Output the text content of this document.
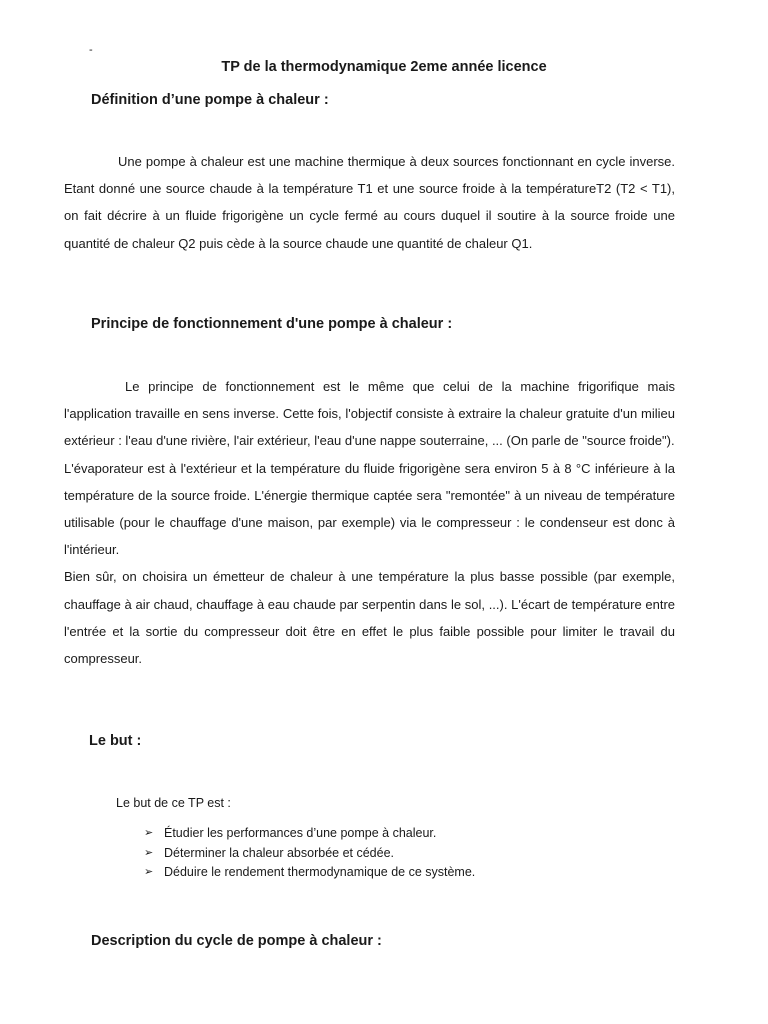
-
TP de la thermodynamique 2eme année licence
Définition d’une pompe à chaleur :
Une pompe à chaleur est une machine thermique à deux sources fonctionnant en cycle inverse. Etant donné une source chaude à la température T1 et une source froide à la températureT2 (T2 < T1), on fait décrire à un fluide frigorigène un cycle fermé au cours duquel il soutire à la source froide une quantité de chaleur Q2 puis cède à la source chaude une quantité de chaleur Q1.
Principe de fonctionnement d'une pompe à chaleur :

Le principe de fonctionnement est le même que celui de la machine frigorifique mais l'application travaille en sens inverse. Cette fois, l'objectif consiste à extraire la chaleur gratuite d'un milieu extérieur : l'eau d'une rivière, l'air extérieur, l'eau d'une nappe souterraine, ... (On parle de "source froide").

L'évaporateur est à l'extérieur et la température du fluide frigorigène sera environ 5 à 8 °C inférieure à la température de la source froide. L'énergie thermique captée sera "remontée" à un niveau de température utilisable (pour le chauffage d'une maison, par exemple) via le compresseur : le condenseur est donc à l'intérieur.

Bien sûr, on choisira un émetteur de chaleur à une température la plus basse possible (par exemple, chauffage à air chaud, chauffage à eau chaude par serpentin dans le sol, ...). L'écart de température entre l'entrée et la sortie du compresseur doit être en effet le plus faible possible pour limiter le travail du compresseur.

Le but :
Le but de ce TP est :
➢ Étudier les performances d’une pompe à chaleur.
➢ Déterminer la chaleur absorbée et cédée.
➢ Déduire le rendement thermodynamique de ce système.
Description du cycle de pompe à chaleur :
